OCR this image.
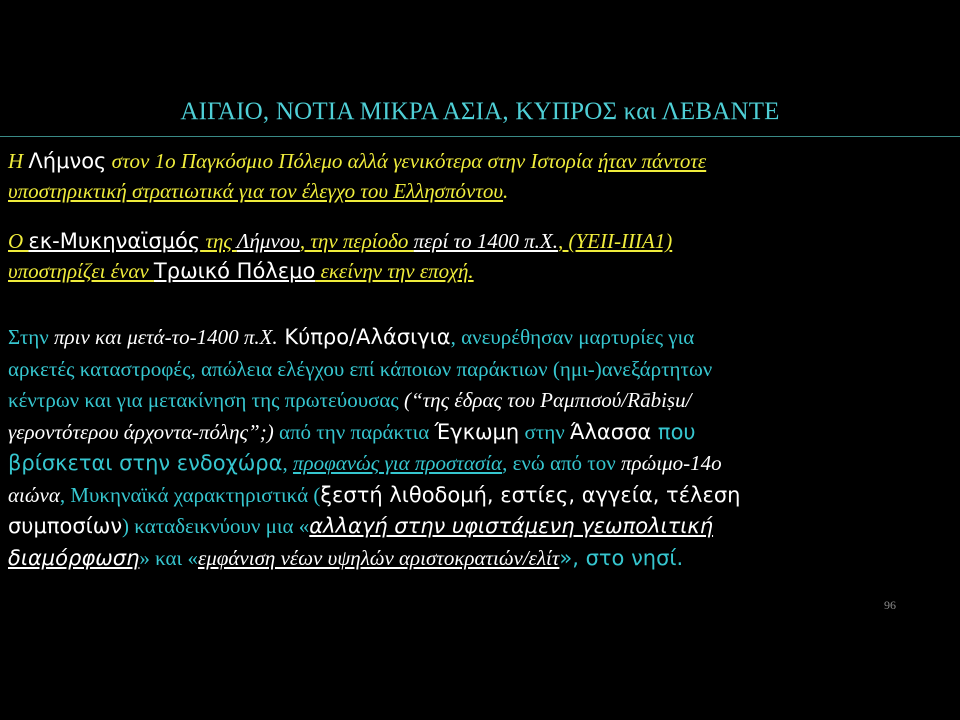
ΑΙΓΑΙΟ, ΝΟΤΙΑ ΜΙΚΡΑ ΑΣΙΑ, ΚΥΠΡΟΣ και ΛΕΒΑΝΤΕ
Η Λήμνος στον 1ο Παγκόσμιο Πόλεμο αλλά γενικότερα στην Ιστορία ήταν πάντοτε
υποστηρικτική στρατιωτικά για τον έλεγχο του Ελλησπόντου.
Ο εκ-Μυκηναϊσμός της Λήμνου, την περίοδο περί το 1400 π.Χ., (ΥΕΙΙ-ΙΙΙΑ1)
υποστηρίζει έναν Τρωικό Πόλεμο εκείνην την εποχή.
Στην πριν και μετά-το-1400 π.Χ. Κύπρο/Αλάσιγια, ανευρέθησαν μαρτυρίες για
αρκετές καταστροφές, απώλεια ελέγχου επί κάποιων παράκτιων (ημι-)ανεξάρτητων
κέντρων και για μετακίνηση της πρωτεύουσας (“της έδρας του Ραμπισού/Rābiṣu/
γεροντότερου άρχοντα-πόλης”;) από την παράκτια Έγκωμη στην Άλασσα που
βρίσκεται στην ενδοχώρα, προφανώς για προστασία, ενώ από τον πρώιμο-14ο
αιώνα, Μυκηναϊκά χαρακτηριστικά (ξεστή λιθοδομή, εστίες, αγγεία, τέλεση
συμποσίων) καταδεικνύουν μια «αλλαγή στην υφιστάμενη γεωπολιτική
διαμόρφωση» και «εμφάνιση νέων υψηλών αριστοκρατιών/ελίτ», στο νησί.
96
